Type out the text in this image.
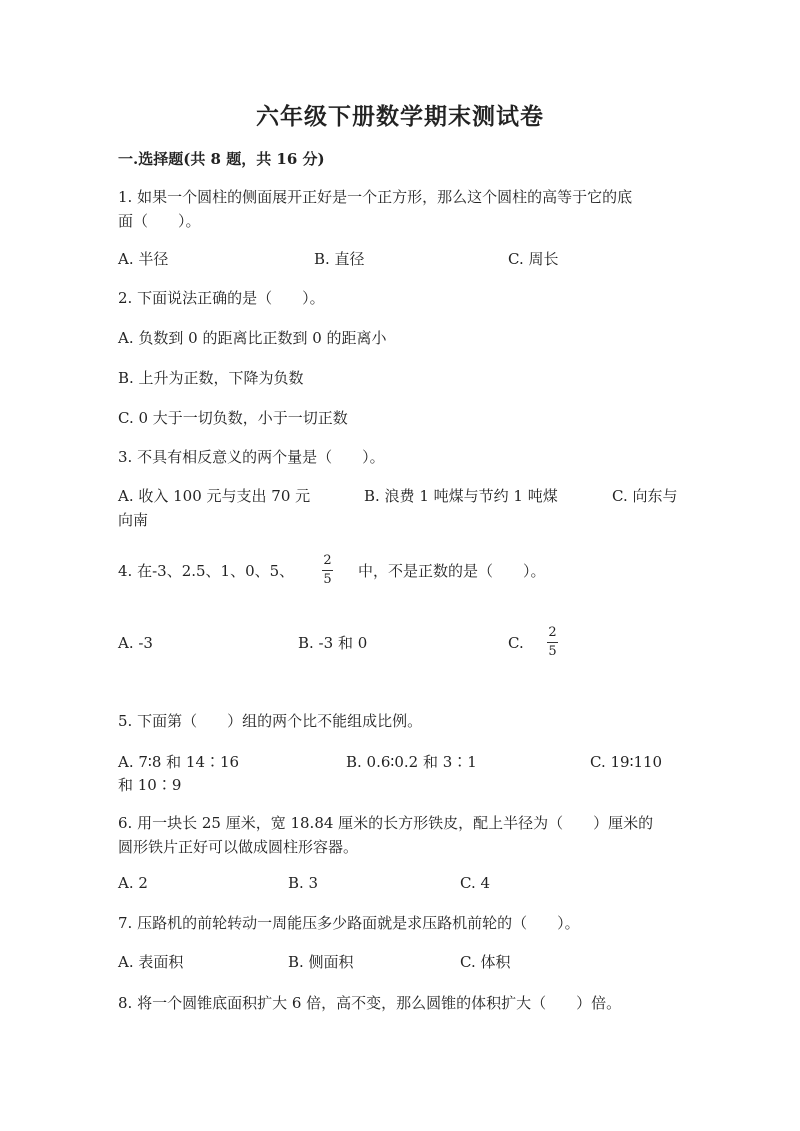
六年级下册数学期末测试卷
一.选择题(共 8 题，共 16 分)
1. 如果一个圆柱的侧面展开正好是一个正方形，那么这个圆柱的高等于它的底
面（　　）。
A. 半径	B. 直径	C. 周长
2. 下面说法正确的是（　　）。
A. 负数到 0 的距离比正数到 0 的距离小
B. 上升为正数，下降为负数
C. 0 大于一切负数，小于一切正数
3. 不具有相反意义的两个量是（　　）。
A. 收入 100 元与支出 70 元	B. 浪费 1 吨煤与节约 1 吨煤	C. 向东与
向南
4. 在-3、2.5、1、0、5、
2
5 中，不是正数的是（　　）。
A. -3	B. -3 和 0	C.
2
5
5. 下面第（　　）组的两个比不能组成比例。
A. 7∶8 和 14∶16	B. 0.6∶0.2 和 3∶1	C. 19∶110
和 10∶9
6. 用一块长 25 厘米，宽 18.84 厘米的长方形铁皮，配上半径为（　　）厘米的
圆形铁片正好可以做成圆柱形容器。
A. 2	B. 3	C. 4
7. 压路机的前轮转动一周能压多少路面就是求压路机前轮的（　　）。
A. 表面积	B. 侧面积	C. 体积
8. 将一个圆锥底面积扩大 6 倍，高不变，那么圆锥的体积扩大（　　）倍。
